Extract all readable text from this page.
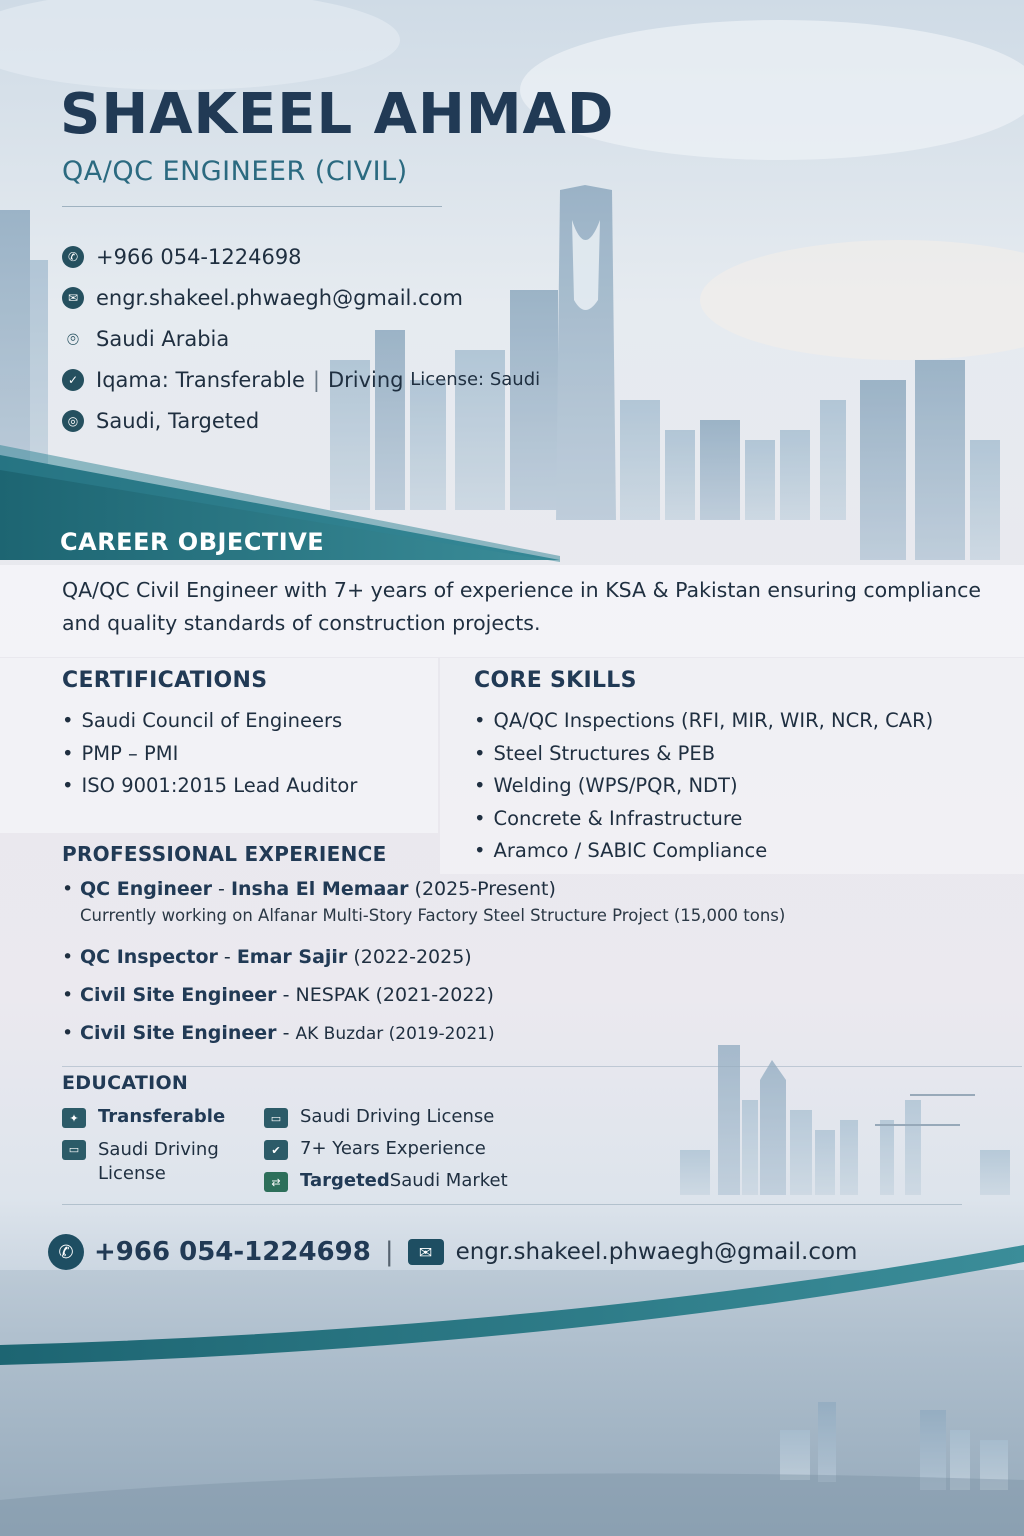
SHAKEEL AHMAD
QA/QC ENGINEER (CIVIL)
✆ +966 054-1224698
✉ engr.shakeel.phwaegh@gmail.com
⌾ Saudi Arabia
✓ Iqama: Transferable | Driving
License: Saudi
◎ Saudi, Targeted
CAREER OBJECTIVE

QA/QC Civil Engineer with 7+ years of experience in KSA & Pakistan ensuring compliance and quality standards of construction projects.

CERTIFICATIONS
• Saudi Council of Engineers
• PMP – PMI
• ISO 9001:2015 Lead Auditor
CORE SKILLS
• QA/QC Inspections (RFI, MIR, WIR, NCR, CAR)
• Steel Structures & PEB
• Welding (WPS/PQR, NDT)
• Concrete & Infrastructure
• Aramco / SABIC Compliance
PROFESSIONAL EXPERIENCE
• QC Engineer - Insha El Memaar (2025-Present)
Currently working on Alfanar Multi-Story Factory Steel Structure Project (15,000 tons)
• QC Inspector - Emar Sajir (2022-2025)
• Civil Site Engineer - NESPAK (2021-2022)
• Civil Site Engineer - AK Buzdar (2019-2021)
EDUCATION
✦	Transferable
▭	Saudi Driving
License
▭	Saudi Driving License
✔	7+ Years Experience
⇄	Targeted Saudi Market
✆ +966 054-1224698 |	✉	engr.shakeel.phwaegh@gmail.com
